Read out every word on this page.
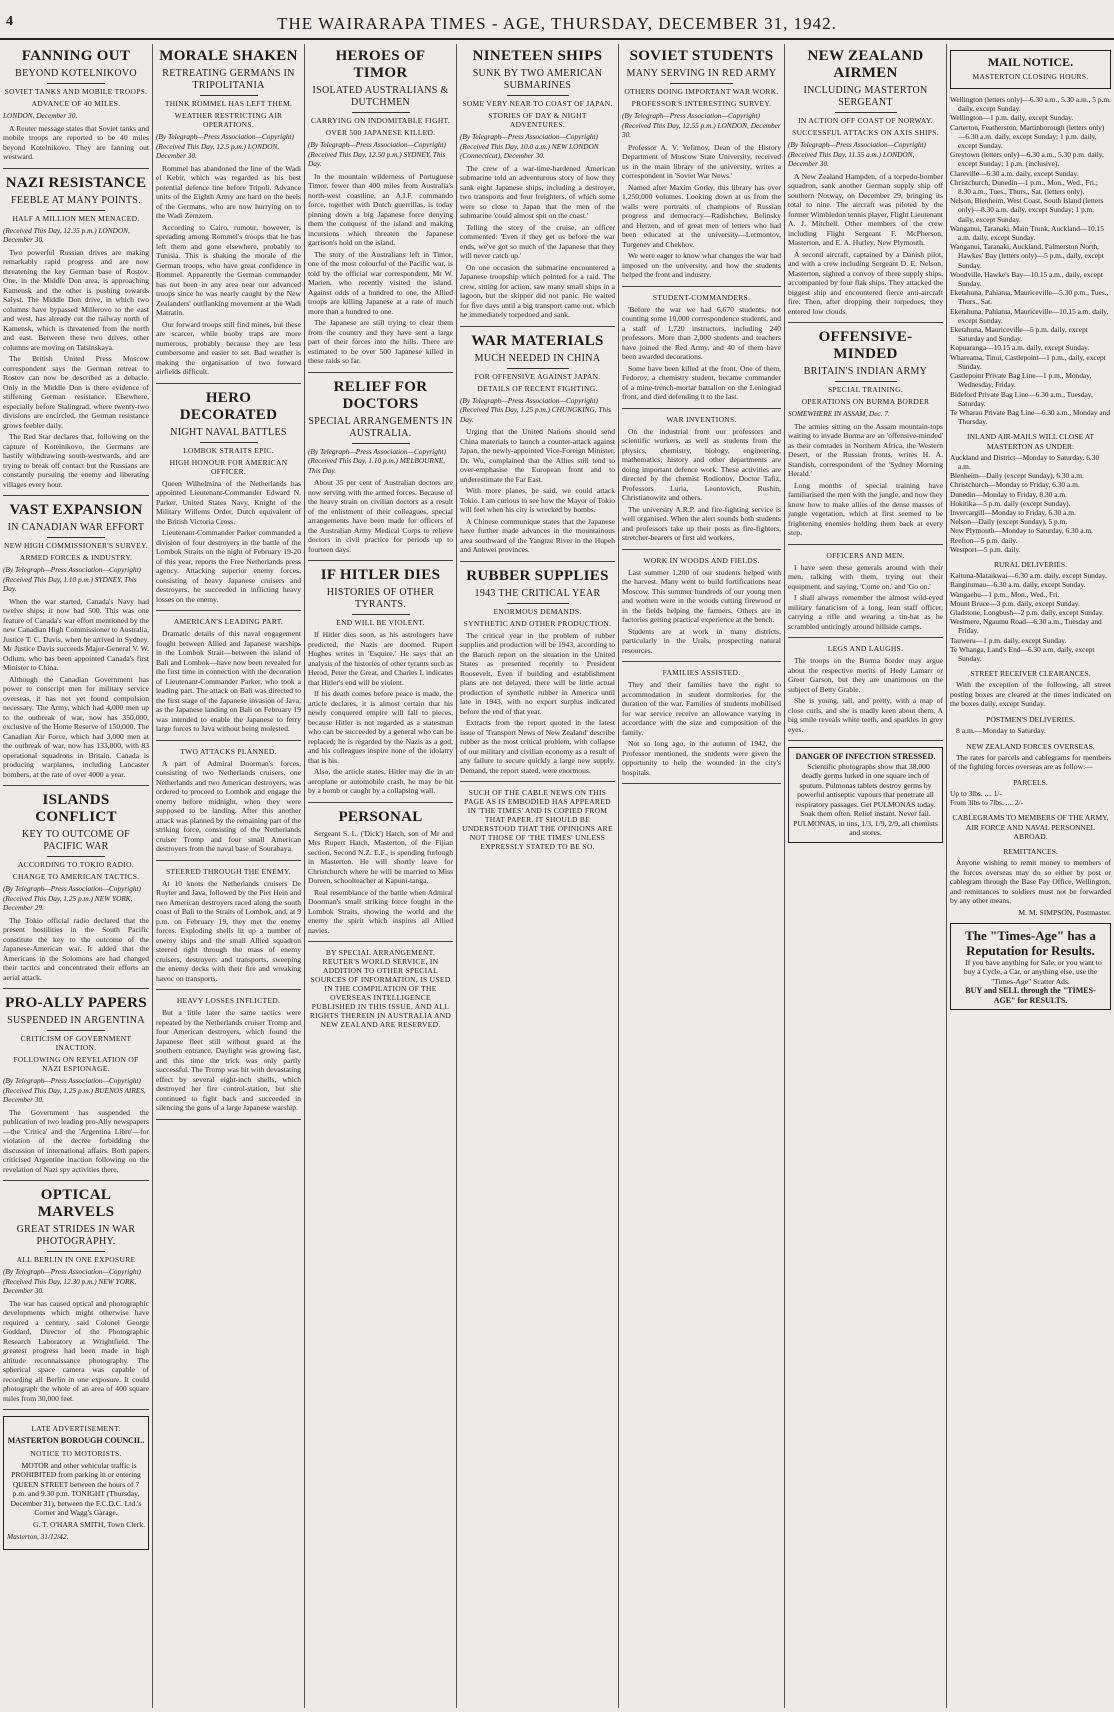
4	THE WAIRARAPA TIMES - AGE, THURSDAY, DECEMBER 31, 1942.
FANNING OUT
BEYOND KOTELNIKOVO
SOVIET TANKS AND MOBILE TROOPS.
ADVANCE OF 40 MILES.
LONDON, December 30.

A Reuter message states that Soviet tanks and mobile troops are reported to be 40 miles beyond Kotelnikovo. They are fanning out westward.

NAZI RESISTANCE
FEEBLE AT MANY POINTS.
HALF A MILLION MEN MENACED.
(Received This Day, 12.35 p.m.) LONDON, December 30.

Two powerful Russian drives are making remarkably rapid progress and are now threatening the key German base of Rostov. One, in the Middle Don area, is approaching Kamensk and the other is pushing towards Salyst. The Middle Don drive, in which two columns have bypassed Millerovo to the east and west, has already cut the railway north of Kamensk, which is threatened from the north and east. Between these two drives, other columns are moving on Tatsinskaya.

The British United Press Moscow correspondent says the German retreat to Rostov can now be described as a debacle. Only in the Middle Don is there evidence of stiffening German resistance. Elsewhere, especially before Stalingrad, where twenty-two divisions are encircled, the German resistance grows feebler daily.

The Red Star declares that, following on the capture of Kotelnikovo, the Germans are hastily withdrawing south-westwards, and are trying to break off contact but the Russians are constantly pursuing the enemy and liberating villages every hour.

VAST EXPANSION
IN CANADIAN WAR EFFORT
NEW HIGH COMMISSIONER'S SURVEY.
ARMED FORCES & INDUSTRY.
(By Telegraph—Press Association—Copyright) (Received This Day, 1.10 p.m.) SYDNEY, This Day.

When the war started, Canada's Navy had twelve ships; it now had 500. This was one feature of Canada's war effort mentioned by the new Canadian High Commissioner to Australia, Justice T. C. Davis, when he arrived in Sydney. Mr Justice Davis succeeds Major-General V. W. Odlum, who has been appointed Canada's first Minister to China.

Although the Canadian Government has power to conscript men for military service overseas, it has not yet found compulsion necessary. The Army, which had 4,000 men up to the outbreak of war, now has 350,000, exclusive of the Home Reserve of 150,000. The Canadian Air Force, which had 3,000 men at the outbreak of war, now has 133,000, with 83 operational squadrons in Britain. Canada is producing warplanes, including Lancaster bombers, at the rate of over 4000 a year.

ISLANDS CONFLICT
KEY TO OUTCOME OF PACIFIC WAR
ACCORDING TO TOKIO RADIO.
CHANGE TO AMERICAN TACTICS.
(By Telegraph—Press Association—Copyright) (Received This Day, 1.25 p.m.) NEW YORK, December 29.

The Tokio official radio declared that the present hostilities in the South Pacific constitute the key to the outcome of the Japanese-American war. It added that the Americans in the Solomons are had changed their tactics and concentrated their efforts an aerial attack.

PRO-ALLY PAPERS
SUSPENDED IN ARGENTINA
CRITICISM OF GOVERNMENT INACTION.
FOLLOWING ON REVELATION OF NAZI ESPIONAGE.
(By Telegraph—Press Association—Copyright) (Received This Day, 1.25 p.m.) BUENOS AIRES, December 30.

The Government has suspended the publication of two leading pro-Ally newspapers—the 'Critica' and the 'Argentina Libre'—for violation of the decree forbidding the discussion of international affairs. Both papers criticised Argentine inaction following on the revelation of Nazi spy activities there.

OPTICAL MARVELS
GREAT STRIDES IN WAR PHOTOGRAPHY.
ALL BERLIN IN ONE EXPOSURE
(By Telegraph—Press Association—Copyright) (Received This Day, 12.30 p.m.) NEW YORK, December 30.

The war has caused optical and photographic developments which might otherwise have required a century, said Colonel George Goddard, Director of the Photographic Research Laboratory at Wrightfield. The greatest progress had been made in high altitude reconnaissance photography. The spherical space camera was capable of recording all Berlin in one exposure. It could photograph the whole of an area of 400 square miles from 30,000 feet.

LATE ADVERTISEMENT.
MASTERTON BOROUGH COUNCIL.
NOTICE TO MOTORISTS.

MOTOR and other vehicular traffic is PROHIBITED from parking in or entering QUEEN STREET between the hours of 7 p.m. and 9.30 p.m. TONIGHT (Thursday, December 31), between the F.C.D.C. Ltd.'s Corner and Wagg's Garage.

G. T. O'HARA SMITH, Town Clerk.
Masterton, 31/12/42.
MORALE SHAKEN
RETREATING GERMANS IN TRIPOLITANIA
THINK ROMMEL HAS LEFT THEM.
WEATHER RESTRICTING AIR OPERATIONS.
(By Telegraph—Press Association—Copyright) (Received This Day, 12.5 p.m.) LONDON, December 30.

Rommel has abandoned the line of the Wadi el Kebir, which was regarded as his best potential defence line before Tripoli. Advance units of the Eighth Army are hard on the heels of the Germans, who are now hurrying on to the Wadi Zemzem.

According to Cairo, rumour, however, is spreading among Rommel's troops that he has left them and gone elsewhere, probably to Tunisia. This is shaking the morale of the German troops, who have great confidence in Rommel. Apparently the German commander has not been in any area near our advanced troops since he was nearly caught by the New Zealanders' outflanking movement at the Wadi Matratin.

Our forward troops still find mines, but these are scarcer, while booby traps are more numerous, probably because they are less cumbersome and easier to set. Bad weather is making the organisation of two forward airfields difficult.

HERO DECORATED
NIGHT NAVAL BATTLES
LOMBOK STRAITS EPIC.
HIGH HONOUR FOR AMERICAN OFFICER.

Queen Wilhelmina of the Netherlands has appointed Lieutenant-Commander Edward N. Parker, United States Navy, Knight of the Military Willems Order, Dutch equivalent of the British Victoria Cross.

Lieutenant-Commander Parker commanded a division of four destroyers in the battle of the Lombok Straits on the night of February 19-20 of this year, reports the Free Netherlands press agency. Attacking superior enemy forces, consisting of heavy Japanese cruisers and destroyers, he succeeded in inflicting heavy losses on the enemy.

AMERICAN'S LEADING PART.

Dramatic details of this naval engagement fought between Allied and Japanese warships in the Lombok Strait—between the island of Bali and Lombok—have now been revealed for the first time in connection with the decoration of Lieutenant-Commander Parker, who took a leading part. The attack on Bali was directed to the first stage of the Japanese invasion of Java, as the Japanese landing on Bali on February 19 was intended to enable the Japanese to ferry large forces to Java without being molested.

TWO ATTACKS PLANNED.

A part of Admiral Doorman's forces, consisting of two Netherlands cruisers, one Netherlands and two American destroyers, was ordered to proceed to Lombok and engage the enemy before midnight, when they were supposed to be landing. After this another attack was planned by the remaining part of the striking force, consisting of the Netherlands cruiser Tromp and four small American destroyers from the naval base of Sourabaya.

STEERED THROUGH THE ENEMY.

At 10 knots the Netherlands cruisers De Ruyter and Java, followed by the Piet Hein and two American destroyers raced along the south coast of Bali to the Straits of Lombok, and, at 9 p.m. on February 19, they met the enemy forces. Exploding shells lit up a number of enemy ships and the small Allied squadron steered right through the mass of enemy cruisers, destroyers and transports, sweeping the enemy decks with their fire and wreaking havoc on transports.

HEAVY LOSSES INFLICTED.

But a little later the same tactics were repeated by the Netherlands cruiser Tromp and four American destroyers, which found the Japanese fleet still without guard at the southern entrance. Daylight was growing fast, and this time the trick was only partly successful. The Tromp was hit with devastating effect by several eight-inch shells, which destroyed her fire control-station, but she continued to fight back and succeeded in silencing the guns of a large Japanese warship.

HEROES OF TIMOR
ISOLATED AUSTRALIANS & DUTCHMEN
CARRYING ON INDOMITABLE FIGHT.
OVER 500 JAPANESE KILLED.
(By Telegraph—Press Association—Copyright) (Received This Day, 12.50 p.m.) SYDNEY, This Day.

In the mountain wilderness of Portuguese Timor, fewer than 400 miles from Australia's north-west coastline, an A.I.F. commando force, together with Dutch guerrillas, is today pinning down a big Japanese force denying them the conquest of the island and making incursions which threaten the Japanese garrison's hold on the island.

The story of the Australians left in Timor, one of the most colourful of the Pacific war, is told by the official war correspondent, Mr W. Marien, who recently visited the island. Against odds of a hundred to one, the Allied troops are killing Japanese at a rate of much more than a hundred to one.

The Japanese are still trying to clear them from the country and they have sent a large part of their forces into the hills. There are estimated to be over 500 Japanese killed in these raids so far.

RELIEF FOR DOCTORS
SPECIAL ARRANGEMENTS IN AUSTRALIA.
(By Telegraph—Press Association—Copyright) (Received This Day, 1.10 p.m.) MELBOURNE, This Day.

About 35 per cent of Australian doctors are now serving with the armed forces. Because of the heavy strain on civilian doctors as a result of the enlistment of their colleagues, special arrangements have been made for officers of the Australian Army Medical Corps to relieve doctors in civil practice for periods up to fourteen days.

IF HITLER DIES
HISTORIES OF OTHER TYRANTS.
END WILL BE VIOLENT.

If Hitler dies soon, as his astrologers have predicted, the Nazis are doomed. Rupert Hughes writes in 'Esquire.' He says that an analysis of the histories of other tyrants such as Herod, Peter the Great, and Charles I, indicates that Hitler's end will be violent.

If his death comes before peace is made, the article declares, it is almost certain that his newly conquered empire will fall to pieces, because Hitler is not regarded as a statesman who can be succeeded by a general who can be replaced; he is regarded by the Nazis as a god, and his colleagues inspire none of the idolatry that is his.

Also, the article states, Hitler may die in an aeroplane or automobile crash, he may be hit by a bomb or caught by a collapsing wall.

PERSONAL

Sergeant S. L. ('Dick') Hatch, son of Mr and Mrs Rupert Hatch, Masterton, of the Fijian section, Second N.Z. E.F., is spending furlough in Masterton. He will shortly leave for Christchurch where he will be married to Miss Doreen, schoolteacher at Kapuni-tanga.

Real resemblance of the battle when Admiral Doorman's small striking force fought in the Lombok Straits, showing the world and the enemy the spirit which inspires all Allied navies.

BY SPECIAL ARRANGEMENT, REUTER'S WORLD SERVICE, IN ADDITION TO OTHER SPECIAL SOURCES OF INFORMATION, IS USED IN THE COMPILATION OF THE OVERSEAS INTELLIGENCE PUBLISHED IN THIS ISSUE, AND ALL RIGHTS THEREIN IN AUSTRALIA AND NEW ZEALAND ARE RESERVED.
NINETEEN SHIPS
SUNK BY TWO AMERICAN SUBMARINES
SOME VERY NEAR TO COAST OF JAPAN.
STORIES OF DAY & NIGHT ADVENTURES.
(By Telegraph—Press Association—Copyright) (Received This Day, 10.0 a.m.) NEW LONDON (Connecticut), December 30.

The crew of a war-time-hardened American submarine told an adventurous story of how they sank eight Japanese ships, including a destroyer, two transports and four freighters, of which some were so close to Japan that the men of the submarine 'could almost spit on the coast.'

Telling the story of the cruise, an officer commented: 'Even if they get us before the war ends, we've got so much of the Japanese that they will never catch up.'

On one occasion the submarine encountered a Japanese troopship which pointed for a raid. The crew, sitting for action, saw many small ships in a lagoon, but the skipper did not panic. He waited for five days until a big transport came out, which he immediately torpedoed and sank.

WAR MATERIALS
MUCH NEEDED IN CHINA
FOR OFFENSIVE AGAINST JAPAN.
DETAILS OF RECENT FIGHTING.
(By Telegraph—Press Association—Copyright) (Received This Day, 1.25 p.m.) CHUNGKING, This Day.

Urging that the United Nations should send China materials to launch a counter-attack against Japan, the newly-appointed Vice-Foreign Minister, Dr. Wu, complained that the Allies still tend to over-emphasise the European front and to underestimate the Far East.

With more planes, he said, we could attack Tokio. I am curious to see how the Mayor of Tokio will feel when his city is wrecked by bombs.

A Chinese communique states that the Japanese have further made advances in the mountainous area southward of the Yangtze River in the Hupeh and Anhwei provinces.

RUBBER SUPPLIES
1943 THE CRITICAL YEAR
ENORMOUS DEMANDS.
SYNTHETIC AND OTHER PRODUCTION.

The critical year in the problem of rubber supplies and production will be 1943, according to the Baruch report on the situation in the United States as presented recently to President Roosevelt. Even if building and establishment plans are not delayed, there will be little actual production of synthetic rubber in America until late in 1943, with no export surplus indicated before the end of that year.

Extracts from the report quoted in the latest issue of 'Transport News of New Zealand' describe rubber as the most critical problem, with collapse of our military and civilian economy as a result of any failure to secure quickly a large new supply. Demand, the report stated, were enormous.

SUCH OF THE CABLE NEWS ON THIS PAGE AS IS EMBODIED HAS APPEARED IN 'THE TIMES' AND IS COPIED FROM THAT PAPER. IT SHOULD BE UNDERSTOOD THAT THE OPINIONS ARE NOT THOSE OF 'THE TIMES' UNLESS EXPRESSLY STATED TO BE SO.
SOVIET STUDENTS
MANY SERVING IN RED ARMY
OTHERS DOING IMPORTANT WAR WORK.
PROFESSOR'S INTERESTING SURVEY.
(By Telegraph—Press Association—Copyright) (Received This Day, 12.55 p.m.) LONDON, December 30.

Professor A. V. Yefimov, Dean of the History Department of Moscow State University, received us in the main library of the university, writes a correspondent in 'Soviet War News.'

Named after Maxim Gorky, this library has over 1,250,000 volumes. Looking down at us from the walls were portraits of champions of Russian progress and democracy—Radishchev, Belinsky and Herzen, and of great men of letters who had been educated at the university—Lermontov, Turgenev and Chekhov.

We were eager to know what changes the war had imposed on the university, and how the students helped the front and industry.

STUDENT-COMMANDERS.

'Before the war we had 6,670 students, not counting some 10,000 correspondence students, and a staff of 1,720 instructors, including 240 professors. More than 2,000 students and teachers have joined the Red Army, and 40 of them have been awarded decorations.

Some have been killed at the front. One of them, Fedorov, a chemistry student, became commander of a mine-trench-mortar battalion on the Leningrad front, and died defending it to the last.

WAR INVENTIONS.

On the industrial front our professors and scientific workers, as well as students from the physics, chemistry, biology, engineering, mathematics, history and other departments are doing important defence work. These activities are directed by the chemist Rodionov, Doctor Tafiz, Professors Luria, Leontovich, Rushin, Christianowitz and others.

The university A.R.P. and fire-fighting service is well organised. When the alert sounds both students and professors take up their posts as fire-fighters, stretcher-bearers or first aid workers.

WORK IN WOODS AND FIELDS.

Last summer 1,200 of our students helped with the harvest. Many went to build fortifications near Moscow. This summer hundreds of our young men and women were in the woods cutting firewood or in the fields helping the farmers. Others are in factories getting practical experience at the bench.

Students are at work in many districts, particularly in the Urals, prospecting natural resources.

FAMILIES ASSISTED.

They and their families have the right to accommodation in student dormitories for the duration of the war. Families of students mobilised for war service receive an allowance varying in accordance with the size and composition of the family.

Not so long ago, in the autumn of 1942, the Professor mentioned, the students were given the opportunity to help the wounded in the city's hospitals.

NEW ZEALAND AIRMEN
INCLUDING MASTERTON SERGEANT
IN ACTION OFF COAST OF NORWAY.
SUCCESSFUL ATTACKS ON AXIS SHIPS.
(By Telegraph—Press Association—Copyright) (Received This Day, 11.55 a.m.) LONDON, December 30.

A New Zealand Hampden, of a torpedo-bomber squadron, sank another German supply ship off southern Norway, on December 29, bringing its total to nine. The aircraft was piloted by the former Wimbledon tennis player, Flight Lieutenant A. J. Mitchell. Other members of the crew including Flight Sergeant F. McPherson, Masterton, and E. A. Hurley, New Plymouth.

A second aircraft, captained by a Danish pilot, and with a crew including Sergeant D. E. Nelson, Masterton, sighted a convoy of three supply ships, accompanied by four flak ships. They attacked the biggest ship and encountered fierce anti-aircraft fire. Then, after dropping their torpedoes, they entered low clouds.

OFFENSIVE-MINDED
BRITAIN'S INDIAN ARMY
SPECIAL TRAINING.
OPERATIONS ON BURMA BORDER
SOMEWHERE IN ASSAM, Dec. 7.

The armies sitting on the Assam mountain-tops waiting to invade Burma are an 'offensive-minded' as their comrades in Northern Africa, the Western Desert, or the Russian fronts, writes H. A. Standish, correspondent of the 'Sydney Morning Herald.'

Long months of special training have familiarised the men with the jungle, and now they know how to make allies of the dense masses of jungle vegetation, which at first seemed to be frightening enemies holding them back at every step.

OFFICERS AND MEN.

I have seen these generals around with their men, talking with them, trying out their equipment, and saying, 'Come on,' and 'Go on.'

I shall always remember the almost wild-eyed military fanaticism of a long, lean staff officer, carrying a rifle and wearing a tin-hat as he scrambled untiringly around hillside camps.

LEGS AND LAUGHS.

The troops on the Burma border may argue about the respective merits of Hedy Lamarr or Greer Garson, but they are unanimous on the subject of Betty Grable.

She is young, tall, and pretty, with a map of close curls, and she is madly keen about them. A big smile reveals white teeth, and sparkles in grey eyes.

DANGER OF INFECTION STRESSED.

Scientific photographs show that 38,000 deadly germs lurked in one square inch of sputum. Pulmonas tablets destroy germs by powerful antiseptic vapours that penetrate all respiratory passages. Get PULMONAS today. Soak them often. Relief instant. Never fail. PULMONAS, in tins, 1/3, 1/9, 2/9, all chemists and stores.

MAIL NOTICE.
MASTERTON CLOSING HOURS.
Wellington (letters only)—6.30 a.m., 5.30 a.m., 5 p.m. daily, except Sunday.
Wellington—1 p.m. daily, except Sunday.
Carterton, Featherston, Martinborough (letters only)—6.30 a.m. daily, except Sunday; 1 p.m. daily, except Sunday.
Greytown (letters only)—6.30 a.m., 5.30 p.m. daily, except Sunday; 1 p.m. (inclusive).
Clareville—6.30 a.m. daily, except Sunday.
Christchurch, Dunedin—1 p.m., Mon., Wed., Fri.; 8.30 a.m., Tues., Thurs., Sat. (letters only).
Nelson, Blenheim, West Coast, South Island (letters only)—8.30 a.m. daily, except Sunday; 1 p.m. daily, except Sunday.
Wanganui, Taranaki, Main Trunk, Auckland—10.15 a.m. daily, except Sunday.
Wanganui, Taranaki, Auckland, Palmerston North, Hawkes' Bay (letters only)—5 p.m., daily, except Sunday.
Woodville, Hawke's Bay—10.15 a.m., daily, except Sunday.
Eketahuna, Pahiatua, Mauriceville—5.30 p.m., Tues., Thurs., Sat.
Eketahuna, Pahiatua, Mauriceville—10.15 a.m. daily, except Sunday.
Eketahuna, Mauriceville—5 p.m. daily, except Saturday and Sunday.
Kopuaranga—10.15 a.m. daily, except Sunday.
Whareama, Tinui, Castlepoint—1 p.m., daily, except Sunday.
Castlepoint Private Bag Line—1 p.m., Monday, Wednesday, Friday.
Bideford Private Bag Line—6.30 a.m., Tuesday, Saturday.
Te Wharau Private Bag Line—6.30 a.m., Monday and Thursday.
INLAND AIR-MAILS WILL CLOSE AT MASTERTON AS UNDER:
Auckland and District—Monday to Saturday, 6.30 a.m.
Blenheim—Daily (except Sunday), 6.30 a.m.
Christchurch—Monday to Friday, 6.30 a.m.
Dunedin—Monday to Friday, 8.30 a.m.
Hokitika—5 p.m. daily (except Sunday).
Invercargill—Monday to Friday, 6.30 a.m.
Nelson—Daily (except Sunday), 5 p.m.
New Plymouth—Monday to Saturday, 6.30 a.m.
Reefton—5 p.m. daily.
Westport—5 p.m. daily.
RURAL DELIVERIES.
Kaituna-Mataikwai—6.30 a.m. daily, except Sunday.
Rangitumau—6.30 a.m. daily, except Sunday.
Wangaehu—1 p.m., Mon., Wed., Fri.
Mount Bruce—3 p.m. daily, except Sunday.
Gladstone, Longbush—2 p.m. daily, except Sunday.
Westmere, Ngaumu Road—6.30 a.m., Tuesday and Friday.
Tauweru—1 p.m. daily, except Sunday.
Te Whanga, Land's End—6.30 a.m. daily, except Sunday.
STREET RECEIVER CLEARANCES.

With the exception of the following, all street posting boxes are cleared at the times indicated on the boxes daily, except Sunday.

POSTMEN'S DELIVERIES.

8 a.m.—Monday to Saturday.

NEW ZEALAND FORCES OVERSEAS.

The rates for parcels and cablegrams for members of the fighting forces overseas are as follow:—

PARCELS.
Up to 3lbs. .... 1/-
From 3lbs to 7lbs. .... 2/-
CABLEGRAMS TO MEMBERS OF THE ARMY, AIR FORCE AND NAVAL PERSONNEL ABROAD.
REMITTANCES.

Anyone wishing to remit money to members of the forces overseas may do so either by post or cablegram through the Base Pay Office, Wellington, and remittances to soldiers must not be forwarded by any other means.

M. M. SIMPSON, Postmaster.
The "Times-Age" has a Reputation for Results.

If you have anything for Sale, or you want to buy a Cycle, a Car, or anything else, use the "Times-Age" Scatter Ads.

BUY and SELL through the "TIMES-AGE" for RESULTS.
